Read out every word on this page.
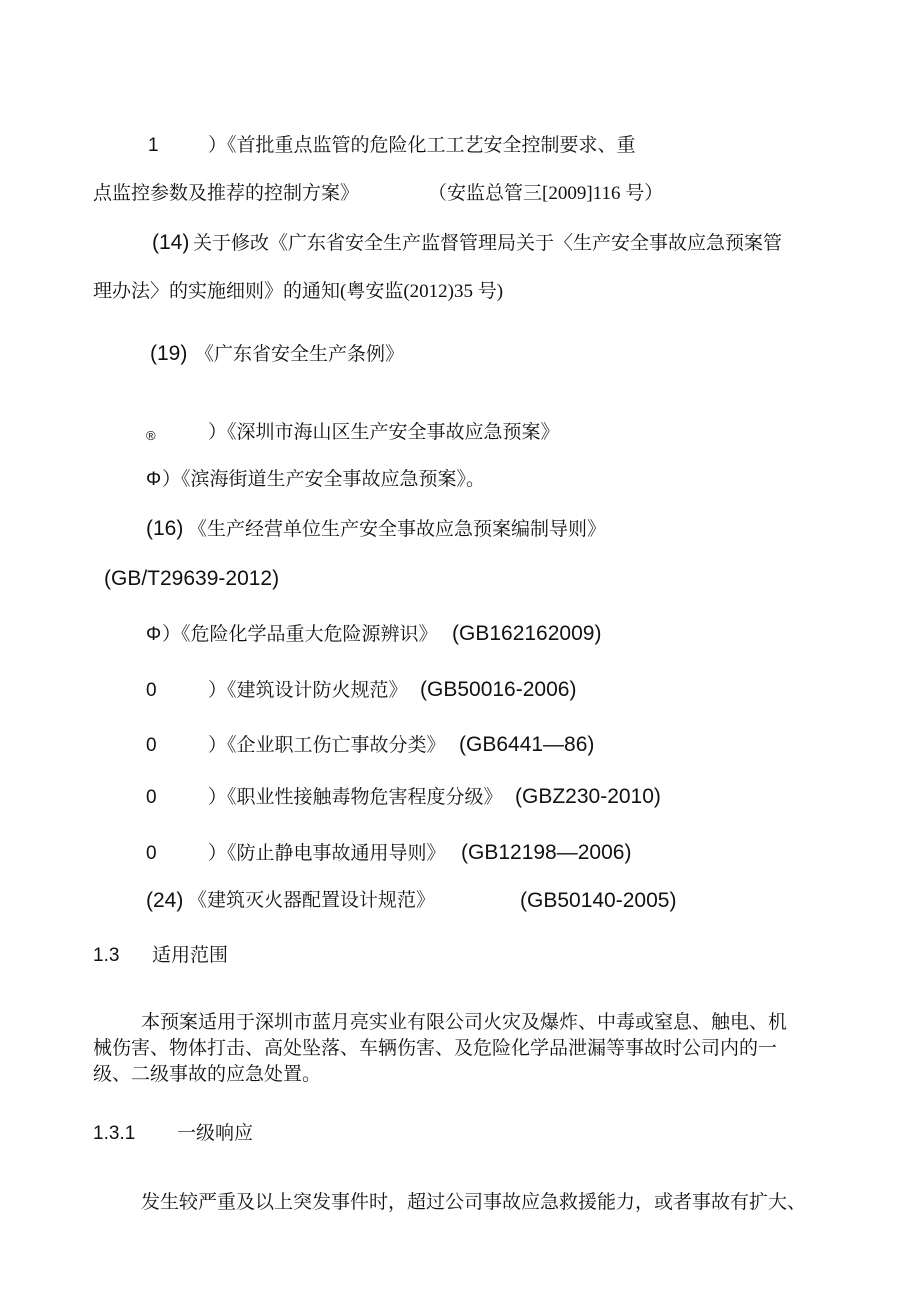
1	）《首批重点监管的危险化工工艺安全控制要求、重
点监控参数及推荐的控制方案》	（安监总管三[2009]116 号）
(14) 关于修改《广东省安全生产监督管理局关于〈生产安全事故应急预案管
理办法〉的实施细则》的通知(粤安监(2012)35 号)
(19) 《广东省安全生产条例》
®	）《深圳市海山区生产安全事故应急预案》
Φ ）《滨海街道生产安全事故应急预案》。
(16) 《生产经营单位生产安全事故应急预案编制导则》
(GB/T29639-2012)
Φ ）《危险化学品重大危险源辨识》 (GB162162009)
0	）《建筑设计防火规范》 (GB50016-2006)
0	）《企业职工伤亡事故分类》 (GB6441—86)
0	）《职业性接触毒物危害程度分级》 (GBZ230-2010)
0	）《防止静电事故通用导则》 (GB12198—2006)
(24) 《建筑灭火器配置设计规范》	(GB50140-2005)
1.3 适用范围
本预案适用于深圳市蓝月亮实业有限公司火灾及爆炸、中毒或窒息、触电、机
械伤害、物体打击、高处坠落、车辆伤害、及危险化学品泄漏等事故时公司内的一
级、二级事故的应急处置。
1.3.1 一级响应
发生较严重及以上突发事件时，超过公司事故应急救援能力，或者事故有扩大、
